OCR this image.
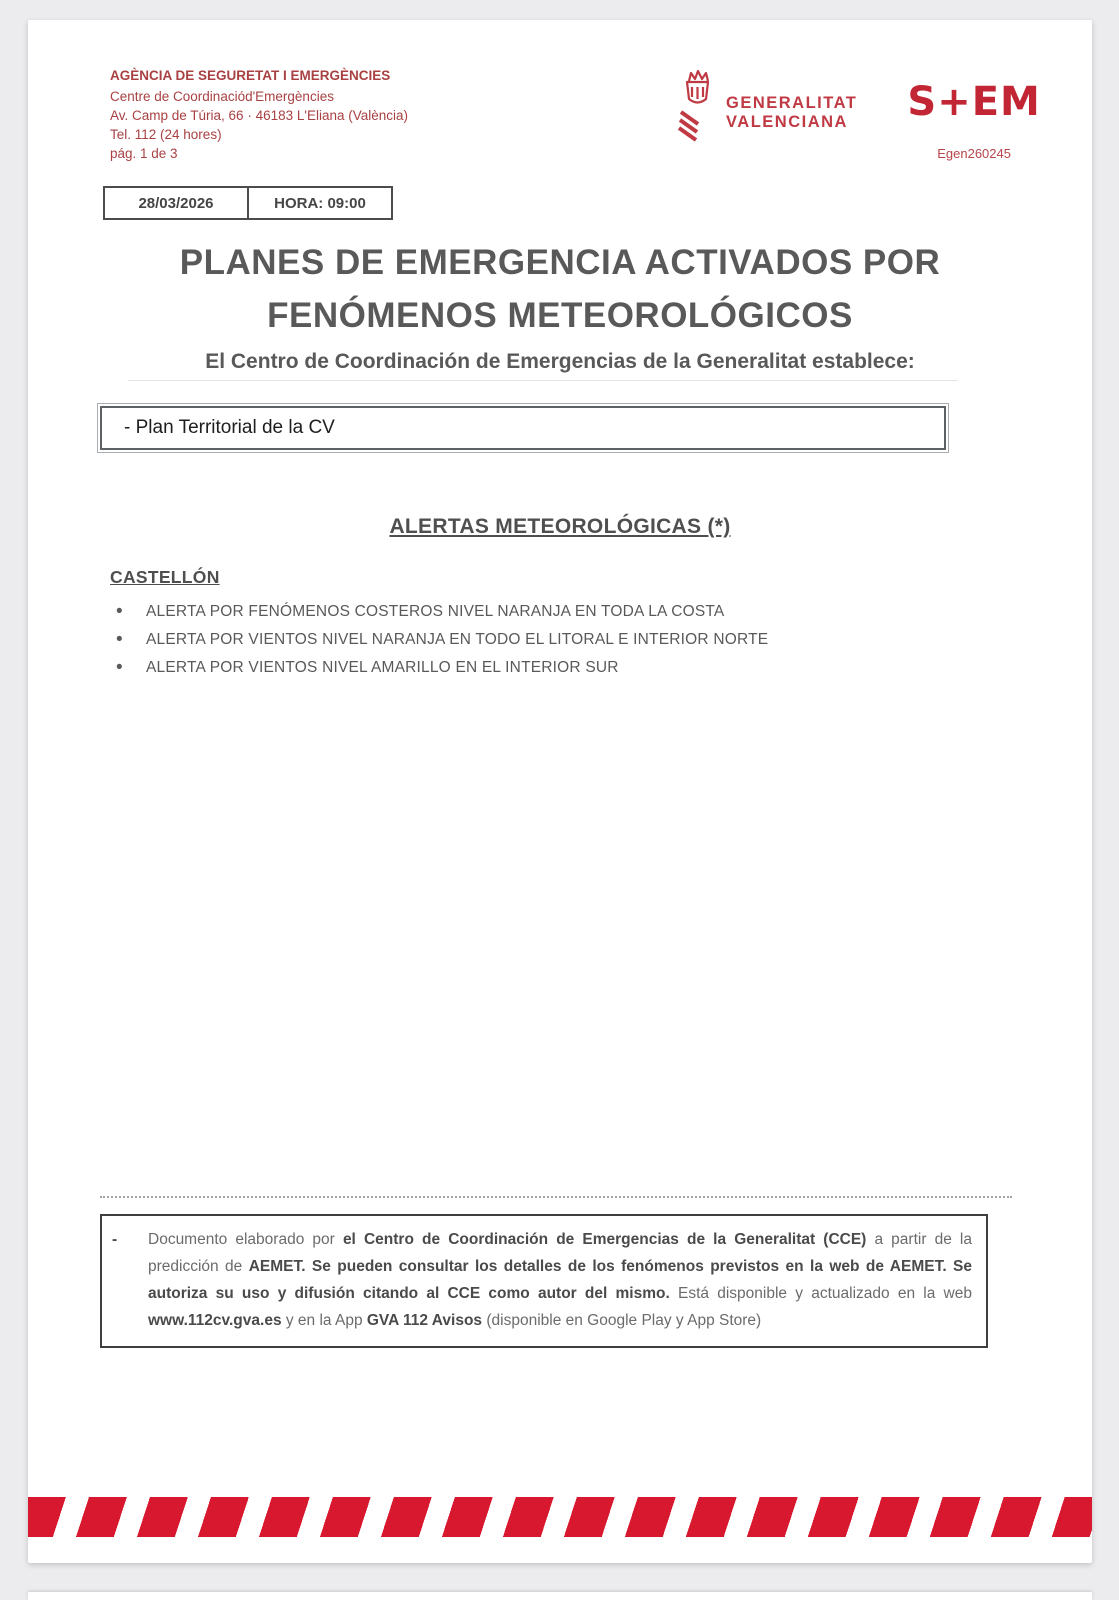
AGÈNCIA DE SEGURETAT I EMERGÈNCIES
Centre de Coordinaciód'Emergències
Av. Camp de Túria, 66 · 46183 L'Eliana (València)
Tel. 112 (24 hores)
pág. 1 de 3
GENERALITAT
VALENCIANA S+EM
Egen260245
28/03/2026	HORA: 09:00
PLANES DE EMERGENCIA ACTIVADOS POR
FENÓMENOS METEOROLÓGICOS
El Centro de Coordinación de Emergencias de la Generalitat establece:
- Plan Territorial de la CV
ALERTAS METEOROLÓGICAS (*)
CASTELLÓN
• ALERTA POR FENÓMENOS COSTEROS NIVEL NARANJA EN TODA LA COSTA
• ALERTA POR VIENTOS NIVEL NARANJA EN TODO EL LITORAL E INTERIOR NORTE
• ALERTA POR VIENTOS NIVEL AMARILLO EN EL INTERIOR SUR
-	Documento elaborado por el Centro de Coordinación de Emergencias de la Generalitat (CCE) a partir de la predicción de AEMET. Se pueden consultar los detalles de los fenómenos previstos en la web de AEMET. Se autoriza su uso y difusión citando al CCE como autor del mismo. Está disponible y actualizado en la web www.112cv.gva.es y en la App GVA 112 Avisos (disponible en Google Play y App Store)
